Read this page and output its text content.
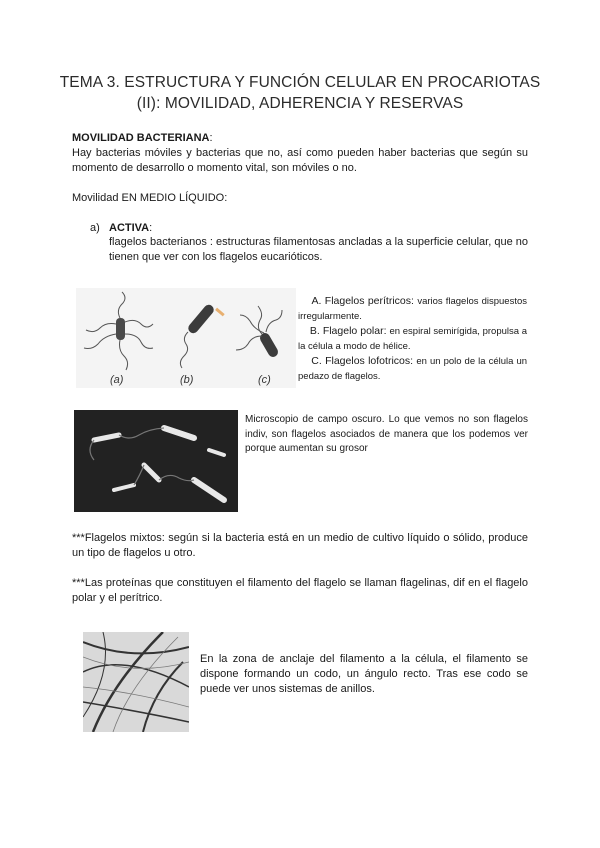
TEMA 3. ESTRUCTURA Y FUNCIÓN CELULAR EN PROCARIOTAS
(II): MOVILIDAD, ADHERENCIA Y RESERVAS
MOVILIDAD BACTERIANA:
Hay bacterias móviles y bacterias que no, así como pueden haber bacterias que según su momento de desarrollo o momento vital, son móviles o no.
Movilidad EN MEDIO LÍQUIDO:
a) ACTIVA:
flagelos bacterianos : estructuras filamentosas ancladas a la superficie celular, que no tienen que ver con los flagelos eucarióticos.
(a)	(b)	(c)
A. Flagelos perítricos: varios flagelos dispuestos irregularmente.
B. Flagelo polar: en espiral semirígida, propulsa a la célula a modo de hélice.
C. Flagelos lofotricos: en un polo de la célula un pedazo de flagelos.
Microscopio de campo oscuro. Lo que vemos no son flagelos indiv, son flagelos asociados de manera que los podemos ver porque aumentan su grosor
***Flagelos mixtos: según si la bacteria está en un medio de cultivo líquido o sólido, produce un tipo de flagelos u otro.
***Las proteínas que constituyen el filamento del flagelo se llaman flagelinas, dif en el flagelo polar y el perítrico.
En la zona de anclaje del filamento a la célula, el filamento se dispone formando un codo, un ángulo recto. Tras ese codo se puede ver unos sistemas de anillos.
